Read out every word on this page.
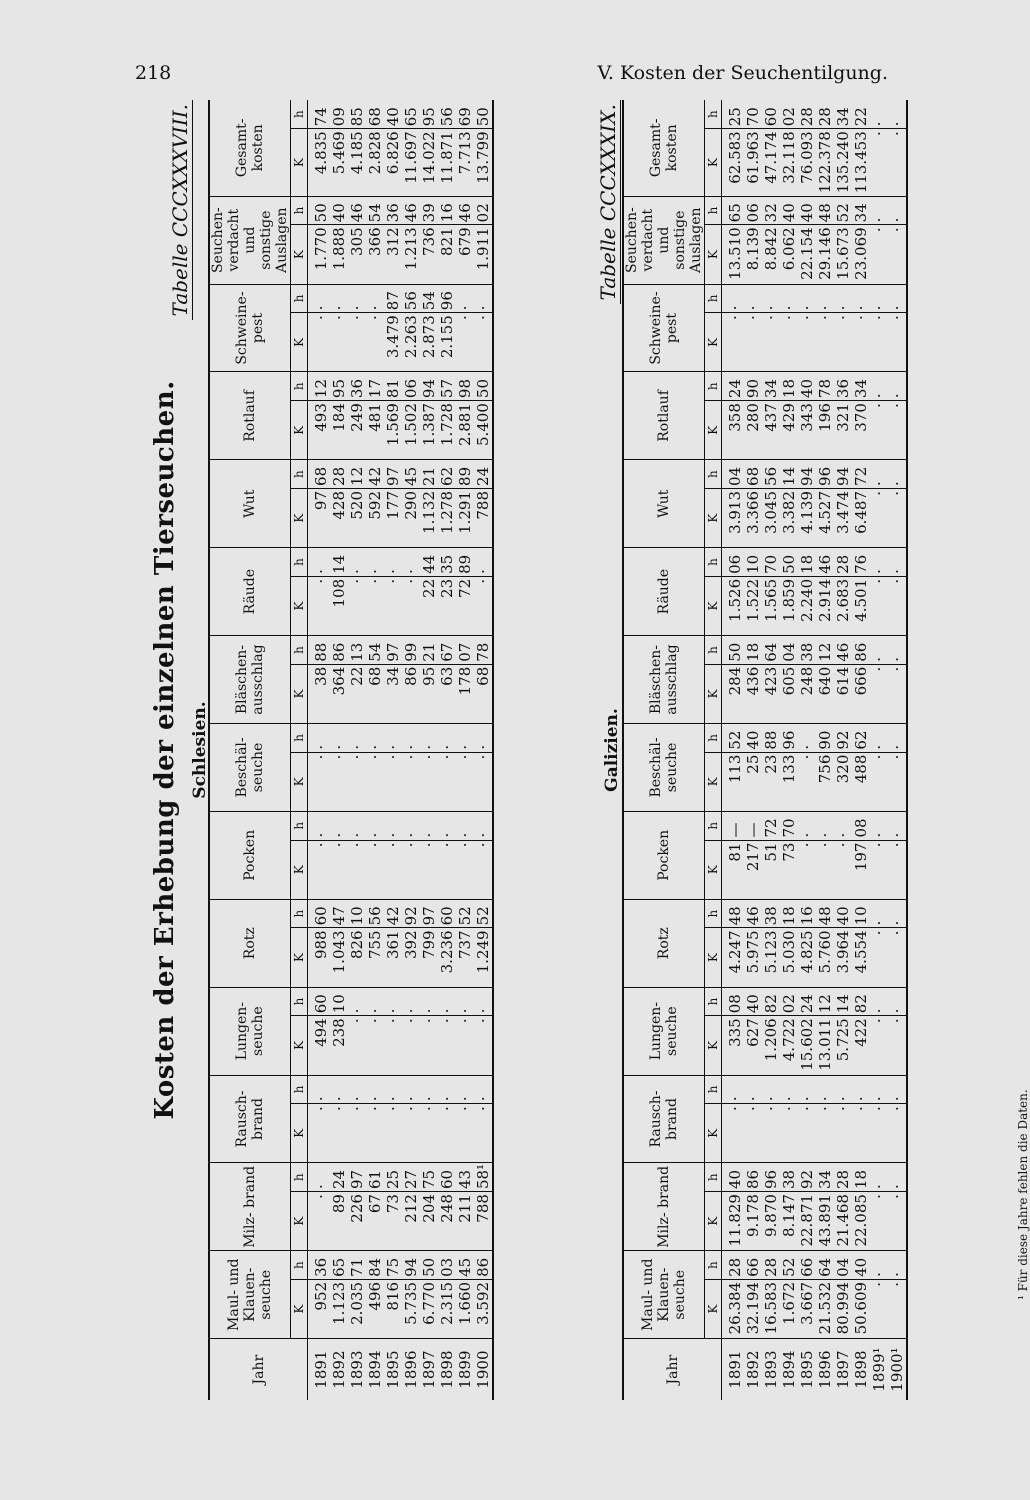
218	V. Kosten der Seuchentilgung.
Kosten der Erhebung der einzelnen Tierseuchen.
Tabelle CCCXXXVIII.
Schlesien.
Jahr	Maul- und Klauen- seuche		Milz- brand		Rausch- brand		Lungen- seuche		Rotz		Pocken		Beschäl- seuche		Bläschen- ausschlag		Räude		Wut		Rotlauf		Schweine- pest		Seuchen- verdacht und sonstige Auslagen		Gesamt- kosten	
	K	h	K	h	K	h	K	h	K	h	K	h	K	h	K	h	K	h	K	h	K	h	K	h	K	h	K	h
1891	952	36	·	·	·	·	494	60	988	60	·	·	·	·	38	88	·	·	97	68	493	12	·	·	1.770	50	4.835	74
1892	1.123	65	89	24	·	·	238	10	1.043	47	·	·	·	·	364	86	108	14	428	28	184	95	·	·	1.888	40	5.469	09
1893	2.035	71	226	97	·	·	·	·	826	10	·	·	·	·	22	13	·	·	520	12	249	36	·	·	305	46	4.185	85
1894	496	84	67	61	·	·	·	·	755	56	·	·	·	·	68	54	·	·	592	42	481	17	·	·	366	54	2.828	68
1895	816	75	73	25	·	·	·	·	361	42	·	·	·	·	34	97	·	·	177	97	1.569	81	3.479	87	312	36	6.826	40
1896	5.735	94	212	27	·	·	·	·	392	92	·	·	·	·	86	99	·	·	290	45	1.502	06	2.263	56	1.213	46	11.697	65
1897	6.770	50	204	75	·	·	·	·	799	97	·	·	·	·	95	21	22	44	1.132	21	1.387	94	2.873	54	736	39	14.022	95
1898	2.315	03	248	60	·	·	·	·	3.236	60	·	·	·	·	63	67	23	35	1.278	62	1.728	57	2.155	96	821	16	11.871	56
1899	1.660	45	211	43	·	·	·	·	737	52	·	·	·	·	178	07	72	89	1.291	89	2.881	98	·	·	679	46	7.713	69
1900	3.592	86	788	58¹	·	·	·	·	1.249	52	·	·	·	·	68	78	·	·	788	24	5.400	50	·	·	1.911	02	13.799	50	Tabelle CCCXXXIX.
Galizien.
Jahr	Maul- und Klauen- seuche		Milz- brand		Rausch- brand		Lungen- seuche		Rotz		Pocken		Beschäl- seuche		Bläschen- ausschlag		Räude		Wut		Rotlauf		Schweine- pest		Seuchen- verdacht und sonstige Auslagen		Gesamt- kosten	
	K	h	K	h	K	h	K	h	K	h	K	h	K	h	K	h	K	h	K	h	K	h	K	h	K	h	K	h
1891	26.384	28	11.829	40	·	·	335	08	4.247	48	81	—	113	52	284	50	1.526	06	3.913	04	358	24	·	·	13.510	65	62.583	25
1892	32.194	66	9.178	86	·	·	627	40	5.975	46	217	—	25	40	436	18	1.522	10	3.366	68	280	90	·	·	8.139	06	61.963	70
1893	16.583	28	9.870	96	·	·	1.206	82	5.123	38	51	72	23	88	423	64	1.565	70	3.045	56	437	34	·	·	8.842	32	47.174	60
1894	1.672	52	8.147	38	·	·	4.722	02	5.030	18	73	70	133	96	605	04	1.859	50	3.382	14	429	18	·	·	6.062	40	32.118	02
1895	3.667	66	22.871	92	·	·	15.602	24	4.825	16	·	·	·	·	248	38	2.240	18	4.139	94	343	40	·	·	22.154	40	76.093	28
1896	21.532	64	43.891	34	·	·	13.011	12	5.760	48	·	·	756	90	640	12	2.914	46	4.527	96	196	78	·	·	29.146	48	122.378	28
1897	80.994	04	21.468	28	·	·	5.725	14	3.964	40	·	·	320	92	614	46	2.683	28	3.474	94	321	36	·	·	15.673	52	135.240	34
1898	50.609	40	22.085	18	·	·	422	82	4.554	10	197	08	488	62	666	86	4.501	76	6.487	72	370	34	·	·	23.069	34	113.453	22
1899¹	·	·	·	·	·	·	·	·	·	·	·	·	·	·	·	·	·	·	·	·	·	·	·	·	·	·	·	·
1900¹	·	·	·	·	·	·	·	·	·	·	·	·	·	·	·	·	·	·	·	·	·	·	·	·	·	·	·	·
¹ Für diese Jahre fehlen die Daten.
